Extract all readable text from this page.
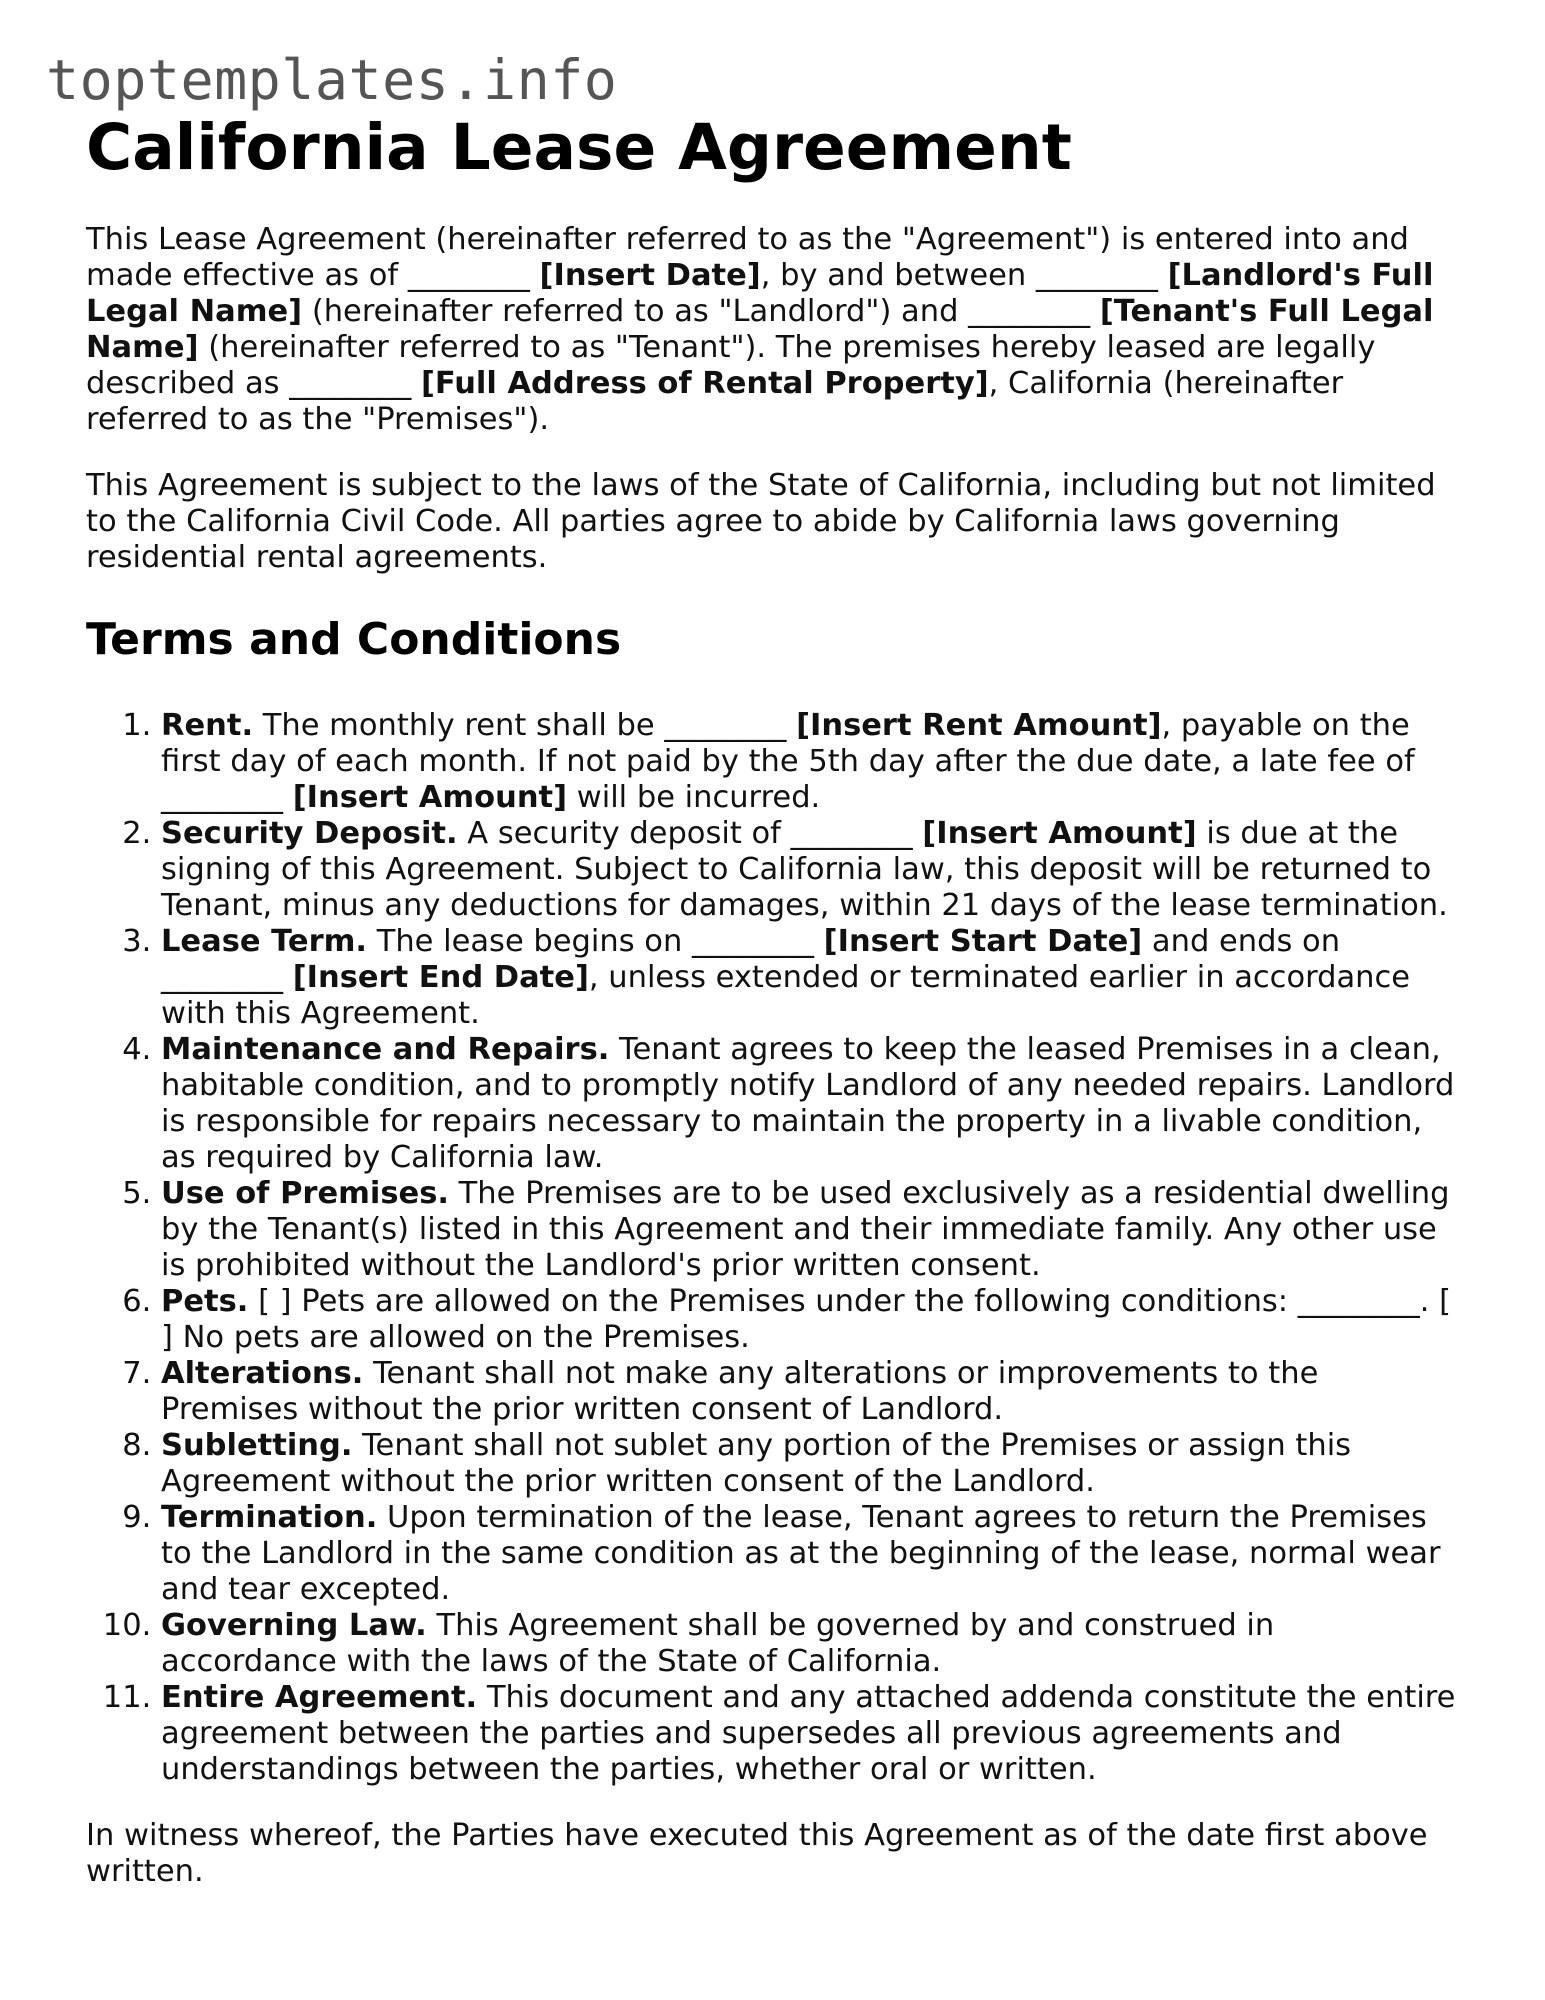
toptemplates.info
California Lease Agreement

This Lease Agreement (hereinafter referred to as the "Agreement") is entered into and made effective as of ________ [Insert Date], by and between ________ [Landlord's Full Legal Name] (hereinafter referred to as "Landlord") and ________ [Tenant's Full Legal Name] (hereinafter referred to as "Tenant"). The premises hereby leased are legally described as ________ [Full Address of Rental Property], California (hereinafter referred to as the "Premises").

This Agreement is subject to the laws of the State of California, including but not limited to the California Civil Code. All parties agree to abide by California laws governing residential rental agreements.

Terms and Conditions
1. Rent. The monthly rent shall be ________ [Insert Rent Amount], payable on the first day of each month. If not paid by the 5th day after the due date, a late fee of ________ [Insert Amount] will be incurred.
2. Security Deposit. A security deposit of ________ [Insert Amount] is due at the signing of this Agreement. Subject to California law, this deposit will be returned to Tenant, minus any deductions for damages, within 21 days of the lease termination.
3. Lease Term. The lease begins on ________ [Insert Start Date] and ends on ________ [Insert End Date], unless extended or terminated earlier in accordance with this Agreement.
4. Maintenance and Repairs. Tenant agrees to keep the leased Premises in a clean, habitable condition, and to promptly notify Landlord of any needed repairs. Landlord is responsible for repairs necessary to maintain the property in a livable condition, as required by California law.
5. Use of Premises. The Premises are to be used exclusively as a residential dwelling by the Tenant(s) listed in this Agreement and their immediate family. Any other use is prohibited without the Landlord's prior written consent.
6. Pets. [ ] Pets are allowed on the Premises under the following conditions: ________. [ ] No pets are allowed on the Premises.
7. Alterations. Tenant shall not make any alterations or improvements to the Premises without the prior written consent of Landlord.
8. Subletting. Tenant shall not sublet any portion of the Premises or assign this Agreement without the prior written consent of the Landlord.
9. Termination. Upon termination of the lease, Tenant agrees to return the Premises to the Landlord in the same condition as at the beginning of the lease, normal wear and tear excepted.
10. Governing Law. This Agreement shall be governed by and construed in accordance with the laws of the State of California.
11. Entire Agreement. This document and any attached addenda constitute the entire agreement between the parties and supersedes all previous agreements and understandings between the parties, whether oral or written.

In witness whereof, the Parties have executed this Agreement as of the date first above written.
